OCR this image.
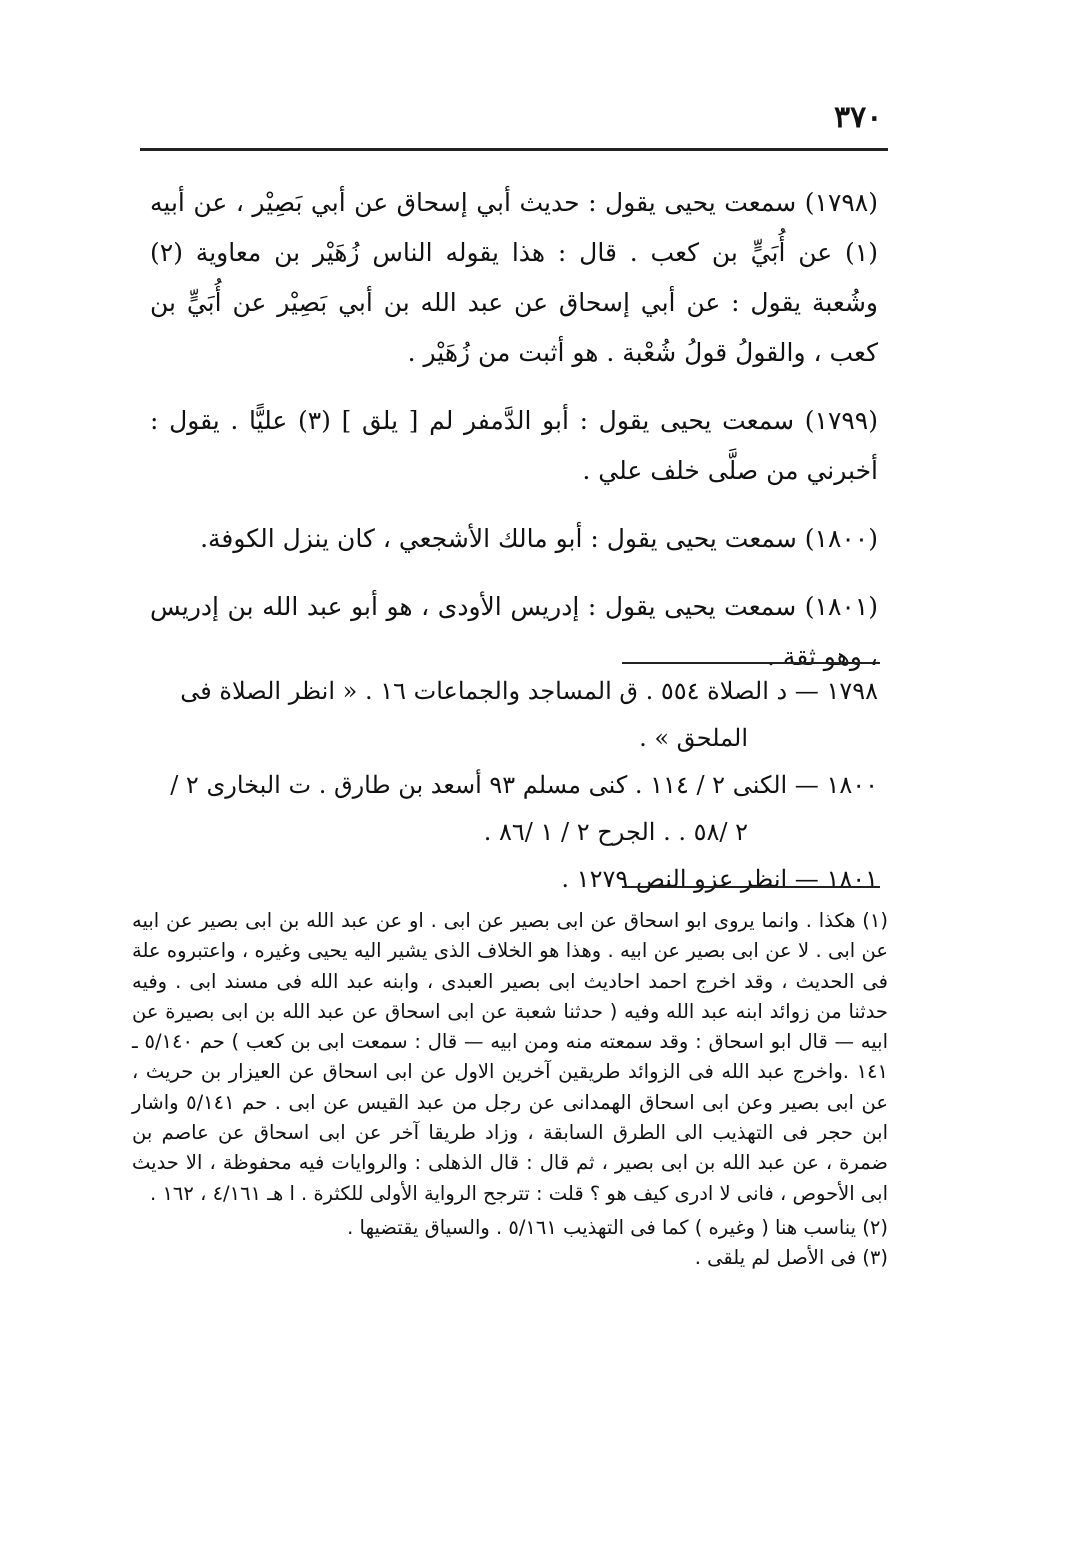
٣٧٠

(١٧٩٨) سمعت يحيى يقول : حديث أبي إسحاق عن أبي بَصِيْر ، عن أبيه (١) عن أُبَيٍّ بن كعب . قال : هذا يقوله الناس زُهَيْر بن معاوية (٢) وشُعبة يقول : عن أبي إسحاق عن عبد الله بن أبي بَصِيْر عن أُبَيٍّ بن كعب ، والقولُ قولُ شُعْبة . هو أثبت من زُهَيْر .

(١٧٩٩) سمعت يحيى يقول : أبو الدَّمفر لم [ يلق ] (٣) عليًّا . يقول : أخبرني من صلَّى خلف علي .

(١٨٠٠) سمعت يحيى يقول : أبو مالك الأشجعي ، كان ينزل الكوفة.

(١٨٠١) سمعت يحيى يقول : إدريس الأودى ، هو أبو عبد الله بن إدريس ، وهو ثقة .

١٧٩٨ — د الصلاة ٥٥٤ . ق المساجد والجماعات ١٦ . « انظر الصلاة فى
الملحق » .

١٨٠٠ — الكنى ٢ / ١١٤ . كنى مسلم ٩٣ أسعد بن طارق . ت البخارى ٢ /
٢ /٥٨ . . الجرح ٢ / ١ /٨٦ .

١٨٠١ — انظر عزو النص ١٢٧٩ .

(١) هكذا . وانما يروى ابو اسحاق عن ابى بصير عن ابى . او عن عبد الله بن ابى بصير عن ابيه عن ابى . لا عن ابى بصير عن ابيه . وهذا هو الخلاف الذى يشير اليه يحيى وغيره ، واعتبروه علة فى الحديث ، وقد اخرج احمد احاديث ابى بصير العبدى ، وابنه عبد الله فى مسند ابى . وفيه حدثنا من زوائد ابنه عبد الله وفيه ( حدثنا شعبة عن ابى اسحاق عن عبد الله بن ابى بصيرة عن ابيه — قال ابو اسحاق : وقد سمعته منه ومن ابيه — قال : سمعت ابى بن كعب ) حم ٥/١٤٠ ـ ١٤١ .واخرج عبد الله فى الزوائد طريقين آخرين الاول عن ابى اسحاق عن العيزار بن حريث ، عن ابى بصير وعن ابى اسحاق الهمدانى عن رجل من عبد القيس عن ابى . حم ٥/١٤١ واشار ابن حجر فى التهذيب الى الطرق السابقة ، وزاد طريقا آخر عن ابى اسحاق عن عاصم بن ضمرة ، عن عبد الله بن ابى بصير ، ثم قال : قال الذهلى : والروايات فيه محفوظة ، الا حديث ابى الأحوص ، فانى لا ادرى كيف هو ؟ قلت : تترجح الرواية الأولى للكثرة . ا هـ ٤/١٦١ ، ١٦٢ .

(٢) يناسب هنا ( وغيره ) كما فى التهذيب ٥/١٦١ . والسياق يقتضيها .

(٣) فى الأصل لم يلقى .
